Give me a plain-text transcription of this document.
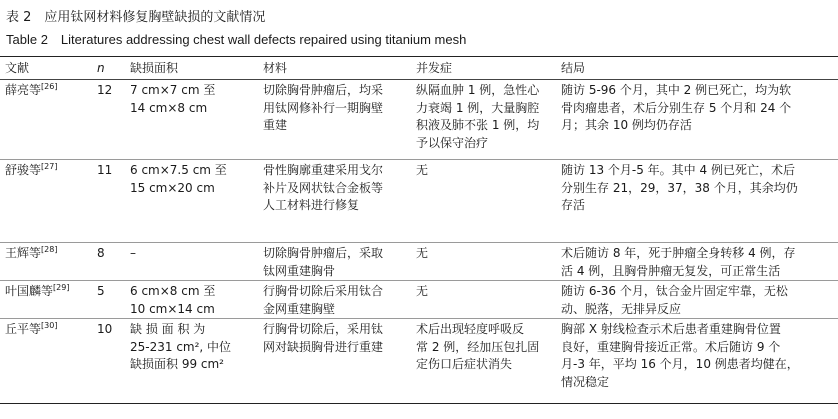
表 2　应用钛网材料修复胸壁缺损的文献情况
Table 2　Literatures addressing chest wall defects repaired using titanium mesh
文献	n	缺损面积	材料	并发症	结局
薛亮等[26]	12	7 cm×7 cm 至
14 cm×8 cm	切除胸骨肿瘤后，均采
用钛网修补行一期胸壁
重建	纵隔血肿 1 例，急性心
力衰竭 1 例，大量胸腔
积液及肺不张 1 例，均
予以保守治疗	随访 5-96 个月，其中 2 例已死亡，均为软
骨肉瘤患者，术后分别生存 5 个月和 24 个
月；其余 10 例均仍存活

舒骏等[27]	11	6 cm×7.5 cm 至
15 cm×20 cm	骨性胸廓重建采用戈尔
补片及网状钛合金板等
人工材料进行修复	无	随访 13 个月-5 年。其中 4 例已死亡，术后
分别生存 21，29，37，38 个月，其余均仍
存活

王辉等[28]	8	–	切除胸骨肿瘤后，采取
钛网重建胸骨	无	术后随访 8 年，死于肿瘤全身转移 4 例，存
活 4 例，且胸骨肿瘤无复发，可正常生活

叶国麟等[29]	5	6 cm×8 cm 至
10 cm×14 cm	行胸骨切除后采用钛合
金网重建胸壁	无	随访 6-36 个月，钛合金片固定牢靠，无松
动、脱落，无排异反应

丘平等[30]	10	缺 损 面 积 为
25-231 cm², 中位
缺损面积 99 cm²	行胸骨切除后，采用钛
网对缺损胸骨进行重建	术后出现轻度呼吸反
常 2 例，经加压包扎固
定伤口后症状消失	胸部 X 射线检查示术后患者重建胸骨位置
良好，重建胸骨接近正常。术后随访 9 个
月-3 年，平均 16 个月，10 例患者均健在，
情况稳定
